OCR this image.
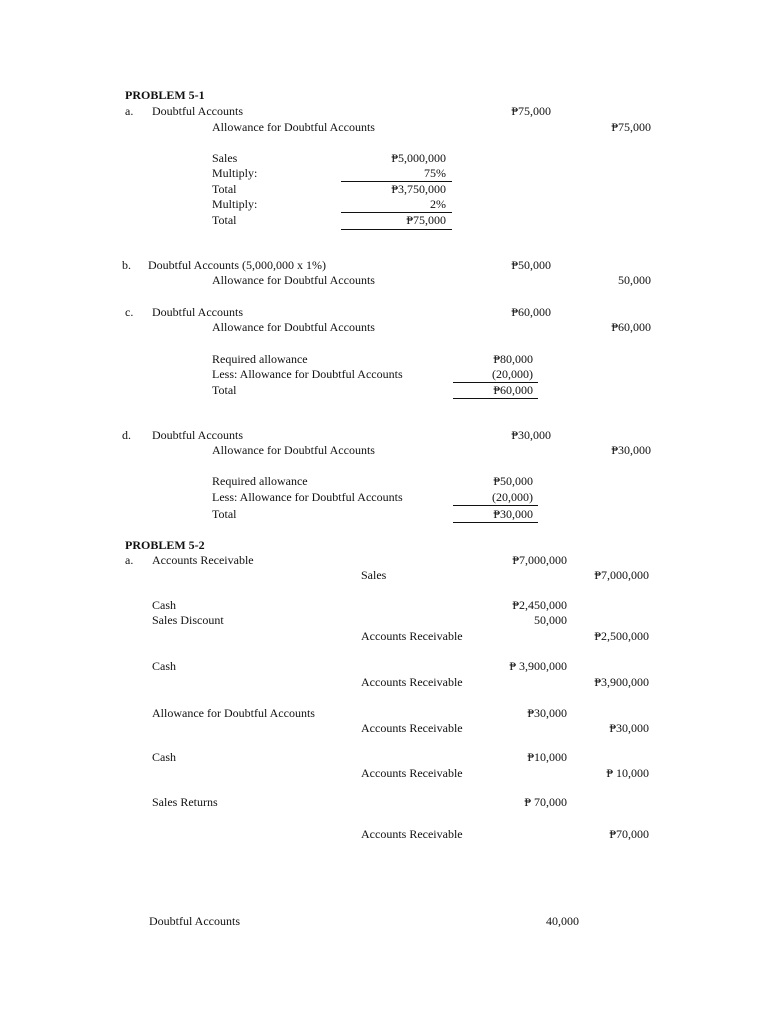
PROBLEM 5-1
a. Doubtful Accounts	₱75,000
Allowance for Doubtful Accounts	₱75,000
Sales	₱5,000,000
Multiply:	75%
Total	₱3,750,000
Multiply:	2%
Total	₱75,000
b. Doubtful Accounts (5,000,000 x 1%)	₱50,000
Allowance for Doubtful Accounts	50,000
c. Doubtful Accounts	₱60,000
Allowance for Doubtful Accounts	₱60,000
Required allowance	₱80,000
Less: Allowance for Doubtful Accounts	(20,000)
Total	₱60,000
d. Doubtful Accounts	₱30,000
Allowance for Doubtful Accounts	₱30,000
Required allowance	₱50,000
Less: Allowance for Doubtful Accounts	(20,000)
Total	₱30,000
PROBLEM 5-2
a. Accounts Receivable	₱7,000,000
Sales	₱7,000,000
Cash	₱2,450,000
Sales Discount	50,000
Accounts Receivable	₱2,500,000
Cash	₱ 3,900,000
Accounts Receivable	₱3,900,000
Allowance for Doubtful Accounts	₱30,000
Accounts Receivable	₱30,000
Cash	₱10,000
Accounts Receivable	₱ 10,000
Sales Returns	₱ 70,000
Accounts Receivable	₱70,000
Doubtful Accounts	40,000
